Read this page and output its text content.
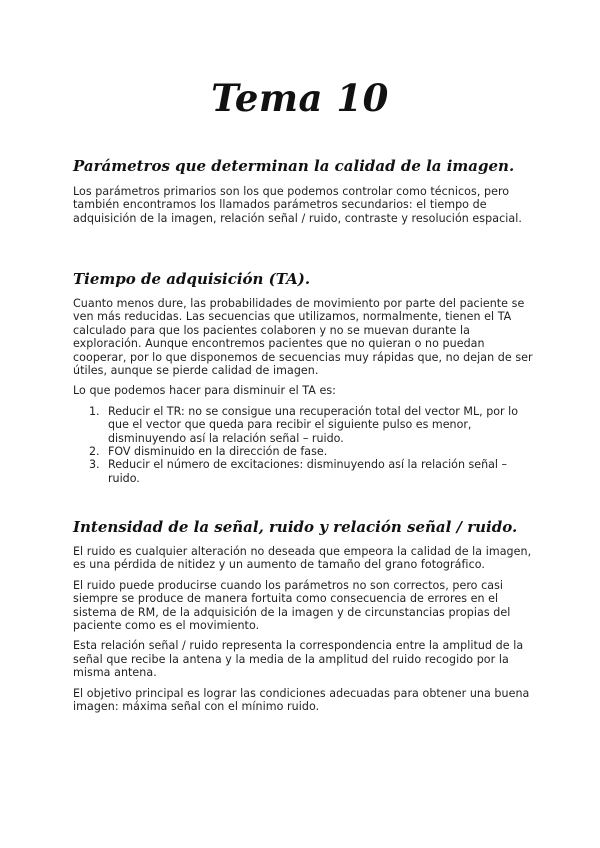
Tema 10
Parámetros que determinan la calidad de la imagen.

Los parámetros primarios son los que podemos controlar como técnicos, pero también encontramos los llamados parámetros secundarios: el tiempo de adquisición de la imagen, relación señal / ruido, contraste y resolución espacial.

Tiempo de adquisición (TA).

Cuanto menos dure, las probabilidades de movimiento por parte del paciente se ven más reducidas. Las secuencias que utilizamos, normalmente, tienen el TA calculado para que los pacientes colaboren y no se muevan durante la exploración. Aunque encontremos pacientes que no quieran o no puedan cooperar, por lo que disponemos de secuencias muy rápidas que, no dejan de ser útiles, aunque se pierde calidad de imagen.

Lo que podemos hacer para disminuir el TA es:

1. Reducir el TR: no se consigue una recuperación total del vector ML, por lo que el vector que queda para recibir el siguiente pulso es menor, disminuyendo así la relación señal – ruido.
2. FOV disminuido en la dirección de fase.
3. Reducir el número de excitaciones: disminuyendo así la relación señal – ruido.
Intensidad de la señal, ruido y relación señal / ruido.

El ruido es cualquier alteración no deseada que empeora la calidad de la imagen, es una pérdida de nitidez y un aumento de tamaño del grano fotográfico.

El ruido puede producirse cuando los parámetros no son correctos, pero casi siempre se produce de manera fortuita como consecuencia de errores en el sistema de RM, de la adquisición de la imagen y de circunstancias propias del paciente como es el movimiento.

Esta relación señal / ruido representa la correspondencia entre la amplitud de la señal que recibe la antena y la media de la amplitud del ruido recogido por la misma antena.

El objetivo principal es lograr las condiciones adecuadas para obtener una buena imagen: máxima señal con el mínimo ruido.
